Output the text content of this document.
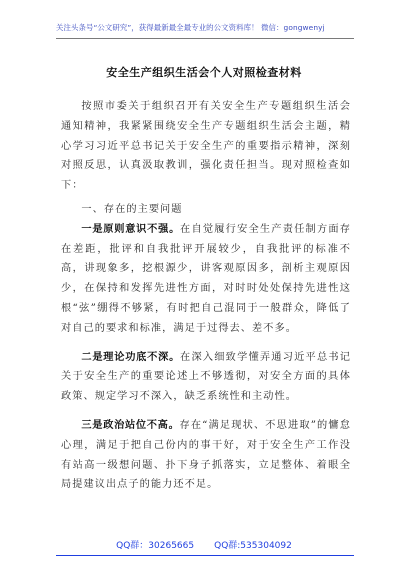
关注头条号“公文研究”，获得最新最全最专业的公文资料库！ 微信：gongwenyj
安全生产组织生活会个人对照检查材料

按照市委关于组织召开有关安全生产专题组织生活会通知精神，我紧紧围绕安全生产专题组织生活会主题，精心学习习近平总书记关于安全生产的重要指示精神，深刻对照反思，认真汲取教训，强化责任担当。现对照检查如下：

一、存在的主要问题

一是原则意识不强。在自觉履行安全生产责任制方面存在差距，批评和自我批评开展较少，自我批评的标准不高，讲现象多，挖根源少，讲客观原因多，剖析主观原因少，在保持和发挥先进性方面，对时时处处保持先进性这根“弦”绷得不够紧，有时把自己混同于一般群众，降低了对自己的要求和标准，满足于过得去、差不多。

二是理论功底不深。在深入细致学懂弄通习近平总书记关于安全生产的重要论述上不够透彻，对安全方面的具体政策、规定学习不深入，缺乏系统性和主动性。

三是政治站位不高。存在“满足现状、不思进取”的慵怠心理，满足于把自己份内的事干好，对于安全生产工作没有站高一级想问题、扑下身子抓落实，立足整体、着眼全局提建议出点子的能力还不足。

QQ群：30265665 QQ群:535304092
